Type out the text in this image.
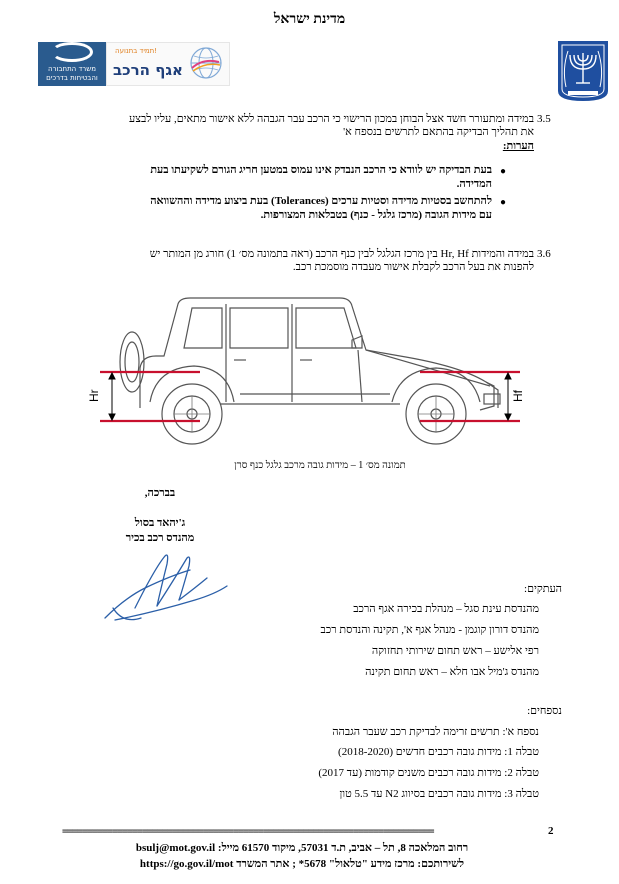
מדינת ישראל
משרד התחבורה והבטיחות בדרכים
תמיד בתנועה!
אגף הרכב
3.5
במידה ומתעורר חשד אצל הבוחן במכון הרישוי כי הרכב עבר הגבהה ללא אישור מתאים, עליו לבצע
את תהליך הבדיקה בהתאם לתרשים בנספח א'
הערות:
●
בעת הבדיקה יש לוודא כי הרכב הנבדק אינו עמוס במטען חריג הגורם לשקיעתו בעת
המדידה.
●
להתחשב בסטיות מדידה וסטיות ערכים (Tolerances) בעת ביצוע מדידה וההשוואה
עם מידות הגובה (מרכז גלגל - כנף) בטבלאות המצורפות.
3.6
במידה והמידות Hr, Hf בין מרכז הגלגל לבין כנף הרכב (ראה בתמונה מס׳ 1) חורג מן המותר יש
להפנות את בעל הרכב לקבלת אישור מעבדה מוסמכת רכב.
Hr	Hf
תמונה מס׳ 1 – מידות גובה מרכב גלגל כנף סרן
בברכה,
ג'יהאד בסול
מהנדס רכב בכיר
העתקים:
מהנדסת עינת סגל – מנהלת בכירה אגף הרכב
מהנדס דורון קוגמן - מנהל אגף א', תקינה והנדסת רכב
רפי אלישע – ראש תחום שירותי תחזוקה
מהנדס ג'מיל אבו חלא – ראש תחום תקינה
נספחים:
נספח א': תרשים זרימה לבדיקת רכב שעבר הגבהה
טבלה 1: מידות גובה רכבים חדשים (2018-2020)
טבלה 2: מידות גובה רכבים משנים קודמות (עד 2017)
טבלה 3: מידות גובה רכבים בסיווג N2 עד 5.5 טון
==========================================================================	2
רחוב המלאכה 8, תל – אביב, ת.ד 57031, מיקוד 61570 מייל: bsulj@mot.gov.il
לשירותכם: מרכז מידע "טלאול" 5678* ; אתר המשרד https://go.gov.il/mot
